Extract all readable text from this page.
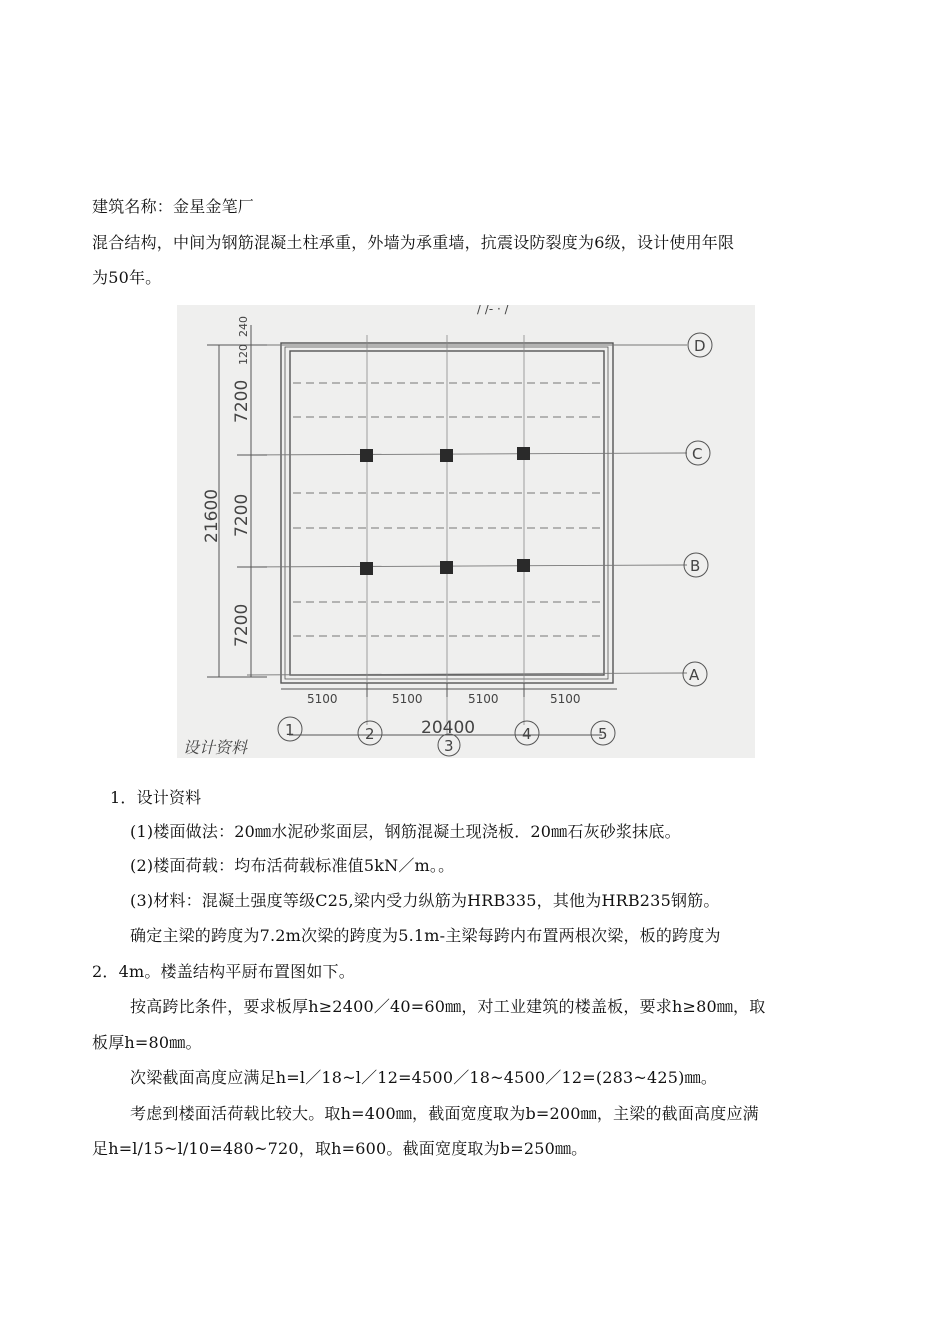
建筑名称：金星金笔厂
混合结构，中间为钢筋混凝土柱承重，外墙为承重墙，抗震设防裂度为6级，设计使用年限
为50年。
240
120
7200
7200
7200
21600
5100	5100	5100	5100
20400
D
C
B
A
1	2
3
4	5
设计资料
/ /- · /
1．设计资料
(1)楼面做法：20㎜水泥砂浆面层，钢筋混凝土现浇板．20㎜石灰砂浆抹底。
(2)楼面荷载：均布活荷载标准值5kN／m。。
(3)材料：混凝土强度等级C25,梁内受力纵筋为HRB335，其他为HRB235钢筋。
确定主梁的跨度为7.2m次梁的跨度为5.1m-主梁每跨内布置两根次梁，板的跨度为
2．4m。楼盖结构平厨布置图如下。
按高跨比条件，要求板厚h≥2400／40=60㎜，对工业建筑的楼盖板，要求h≥80㎜，取
板厚h=80㎜。
次梁截面高度应满足h=l／18~l／12=4500／18~4500／12=(283~425)㎜。
考虑到楼面活荷载比较大。取h=400㎜，截面宽度取为b=200㎜，主梁的截面高度应满
足h=l/15~l/10=480~720，取h=600。截面宽度取为b=250㎜。
